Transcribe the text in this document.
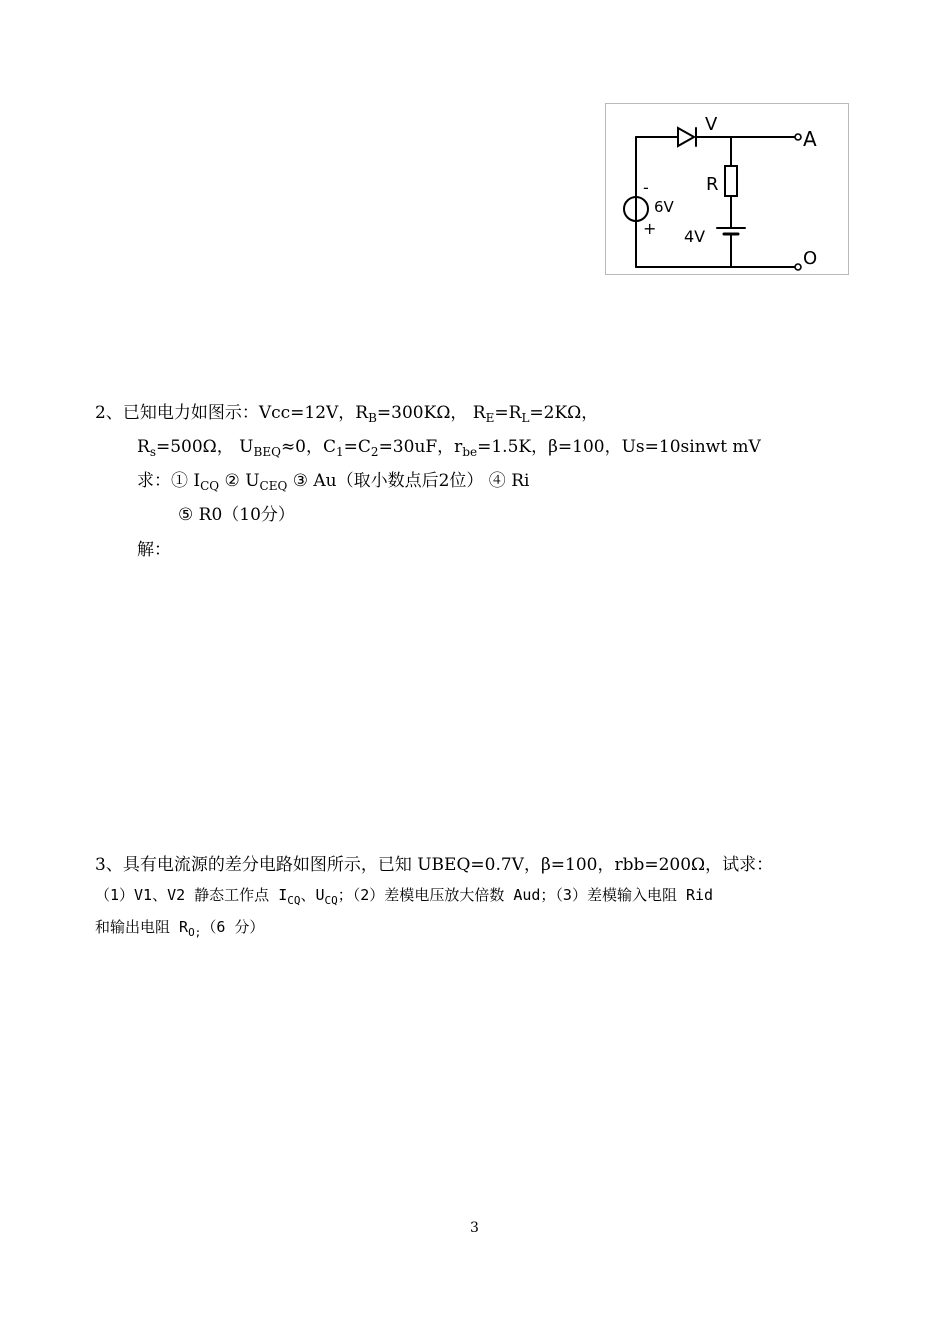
V
R
6V
-
+ 4V
A
O
2、已知电力如图示：Vcc=12V，$R_B=300K\Omega$， $R_E=R_L=2K\Omega$，
$R_s=500\Omega$， $U_{BEQ}\approx 0$，$C_1=C_2=30uF$，$r_{be}=1.5K$，β=100，Us=10sinwt mV
求：① $I_{CQ}$ ② $U_{CEQ}$ ③ Au（取小数点后2位） ④ Ri
⑤ R0（10分）
解：
3、具有电流源的差分电路如图所示，已知 UBEQ=0.7V，β=100，rbb=200Ω，试求：
（1）V1、V2 静态工作点 $I_{CQ}$、$U_{CQ}$；（2）差模电压放大倍数 Aud；（3）差模输入电阻 Rid
和输出电阻 $R_{O;}(6$ 分）
3
